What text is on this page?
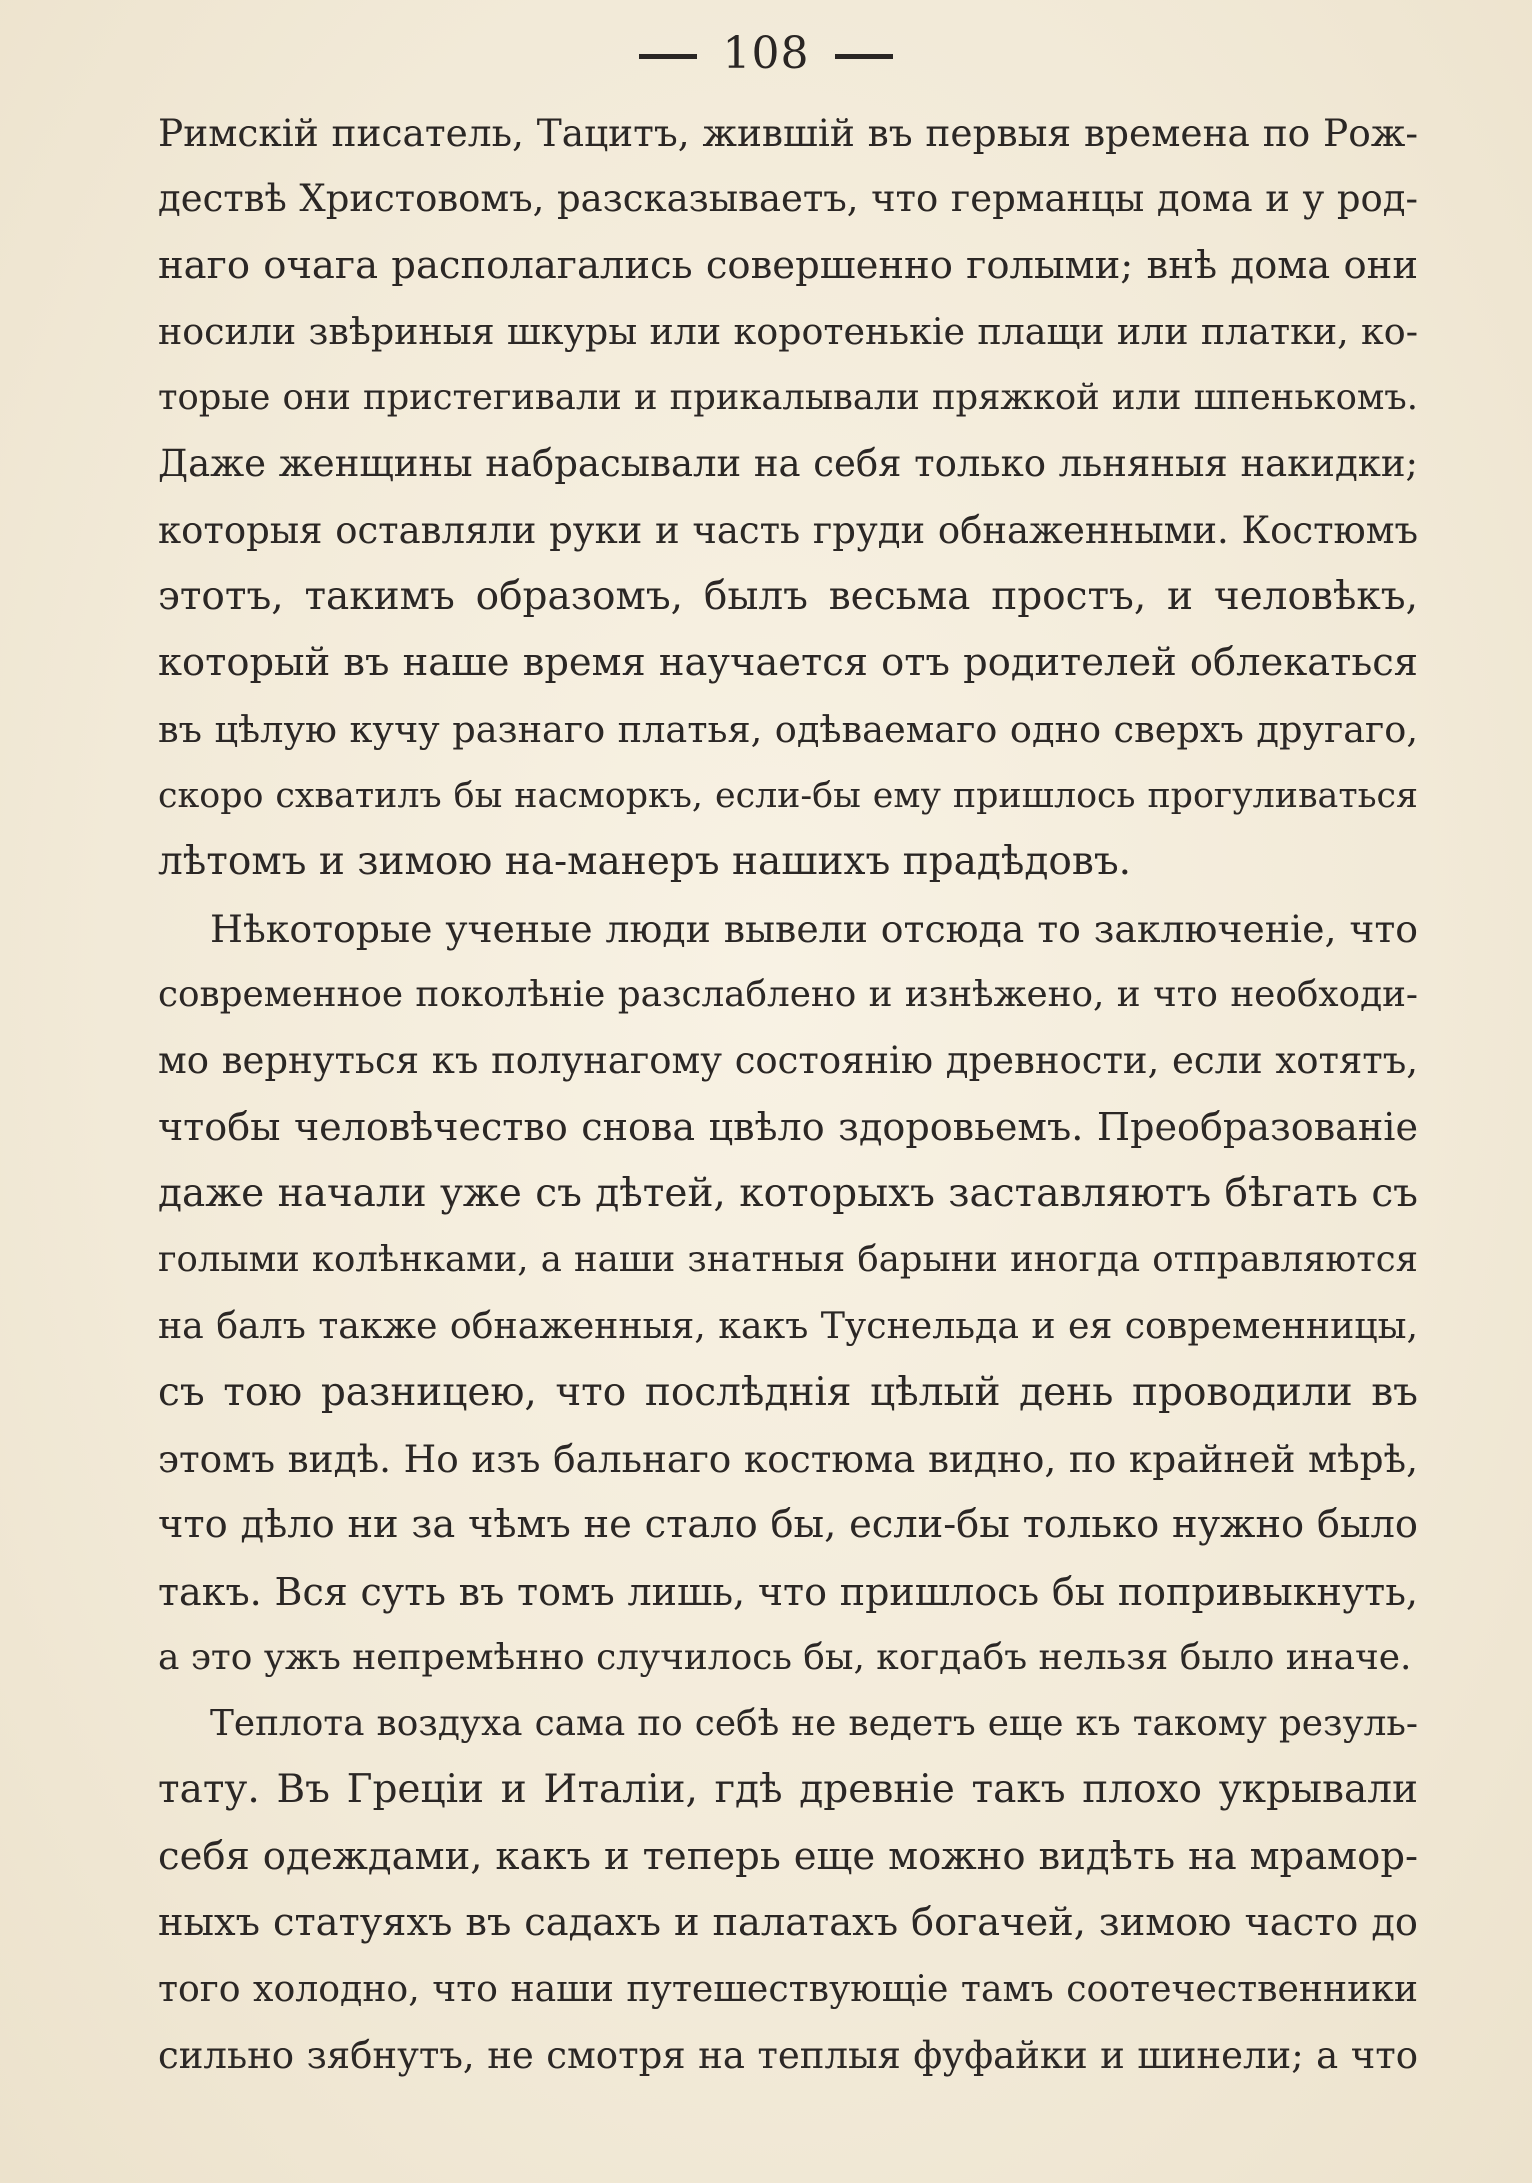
108

Римскій писатель, Тацитъ, жившій въ первыя времена по Рож-
дествѣ Христовомъ, разсказываетъ, что германцы дома и у род-
наго очага располагались совершенно голыми; внѣ дома они
носили звѣриныя шкуры или коротенькіе плащи или платки, ко-
торые они пристегивали и прикалывали пряжкой или шпенькомъ.
Даже женщины набрасывали на себя только льняныя накидки;
которыя оставляли руки и часть груди обнаженными. Костюмъ
этотъ, такимъ образомъ, былъ весьма простъ, и человѣкъ,
который въ наше время научается отъ родителей облекаться
въ цѣлую кучу разнаго платья, одѣваемаго одно сверхъ другаго,
скоро схватилъ бы насморкъ, если-бы ему пришлось прогуливаться
лѣтомъ и зимою на-манеръ нашихъ прадѣдовъ.

Нѣкоторые ученые люди вывели отсюда то заключеніе, что
современное поколѣніе разслаблено и изнѣжено, и что необходи-
мо вернуться къ полунагому состоянію древности, если хотятъ,
чтобы человѣчество снова цвѣло здоровьемъ. Преобразованіе
даже начали уже съ дѣтей, которыхъ заставляютъ бѣгать съ
голыми колѣнками, а наши знатныя барыни иногда отправляются
на балъ также обнаженныя, какъ Туснельда и ея современницы,
съ тою разницею, что послѣднія цѣлый день проводили въ
этомъ видѣ. Но изъ бальнаго костюма видно, по крайней мѣрѣ,
что дѣло ни за чѣмъ не стало бы, если-бы только нужно было
такъ. Вся суть въ томъ лишь, что пришлось бы попривыкнуть,
а это ужъ непремѣнно случилось бы, когдабъ нельзя было иначе.

Теплота воздуха сама по себѣ не ведетъ еще къ такому резуль-
тату. Въ Греціи и Италіи, гдѣ древніе такъ плохо укрывали
себя одеждами, какъ и теперь еще можно видѣть на мрамор-
ныхъ статуяхъ въ садахъ и палатахъ богачей, зимою часто до
того холодно, что наши путешествующіе тамъ соотечественники
сильно зябнутъ, не смотря на теплыя фуфайки и шинели; а что
